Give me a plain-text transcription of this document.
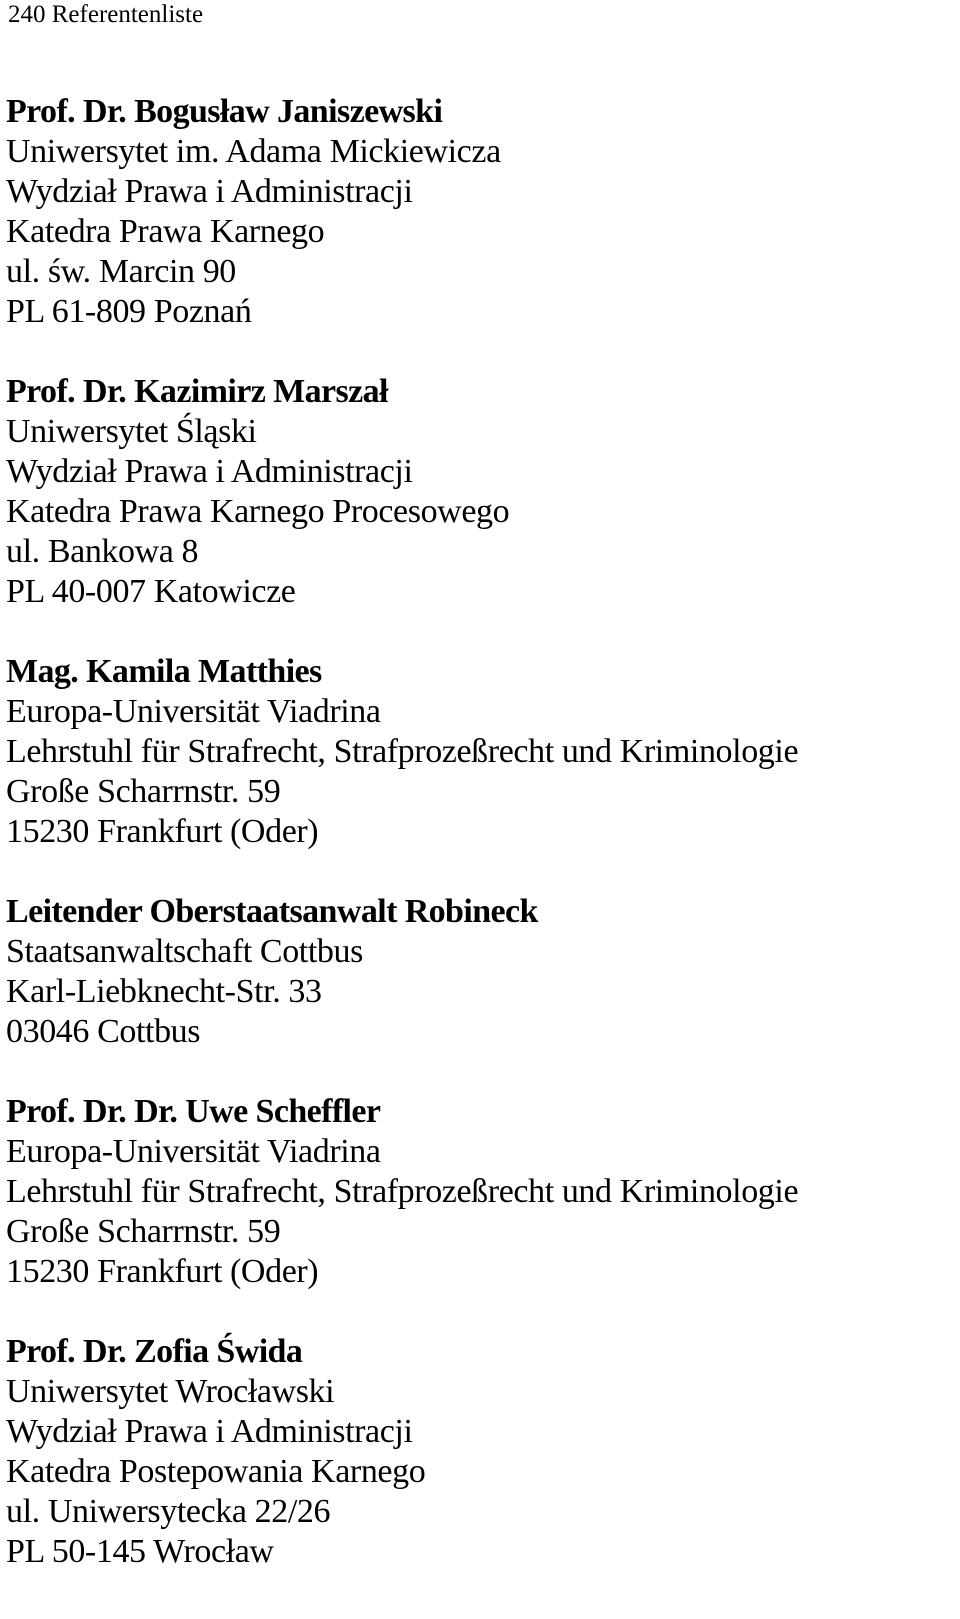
240 Referentenliste
Prof. Dr. Bogusław Janiszewski
Uniwersytet im. Adama Mickiewicza
Wydział Prawa i Administracji
Katedra Prawa Karnego
ul. św. Marcin 90
PL 61-809 Poznań
Prof. Dr. Kazimirz Marszał
Uniwersytet Śląski
Wydział Prawa i Administracji
Katedra Prawa Karnego Procesowego
ul. Bankowa 8
PL 40-007 Katowicze
Mag. Kamila Matthies
Europa-Universität Viadrina
Lehrstuhl für Strafrecht, Strafprozeßrecht und Kriminologie
Große Scharrnstr. 59
15230 Frankfurt (Oder)
Leitender Oberstaatsanwalt Robineck
Staatsanwaltschaft Cottbus
Karl-Liebknecht-Str. 33
03046 Cottbus
Prof. Dr. Dr. Uwe Scheffler
Europa-Universität Viadrina
Lehrstuhl für Strafrecht, Strafprozeßrecht und Kriminologie
Große Scharrnstr. 59
15230 Frankfurt (Oder)
Prof. Dr. Zofia Świda
Uniwersytet Wrocławski
Wydział Prawa i Administracji
Katedra Postepowania Karnego
ul. Uniwersytecka 22/26
PL 50-145 Wrocław
